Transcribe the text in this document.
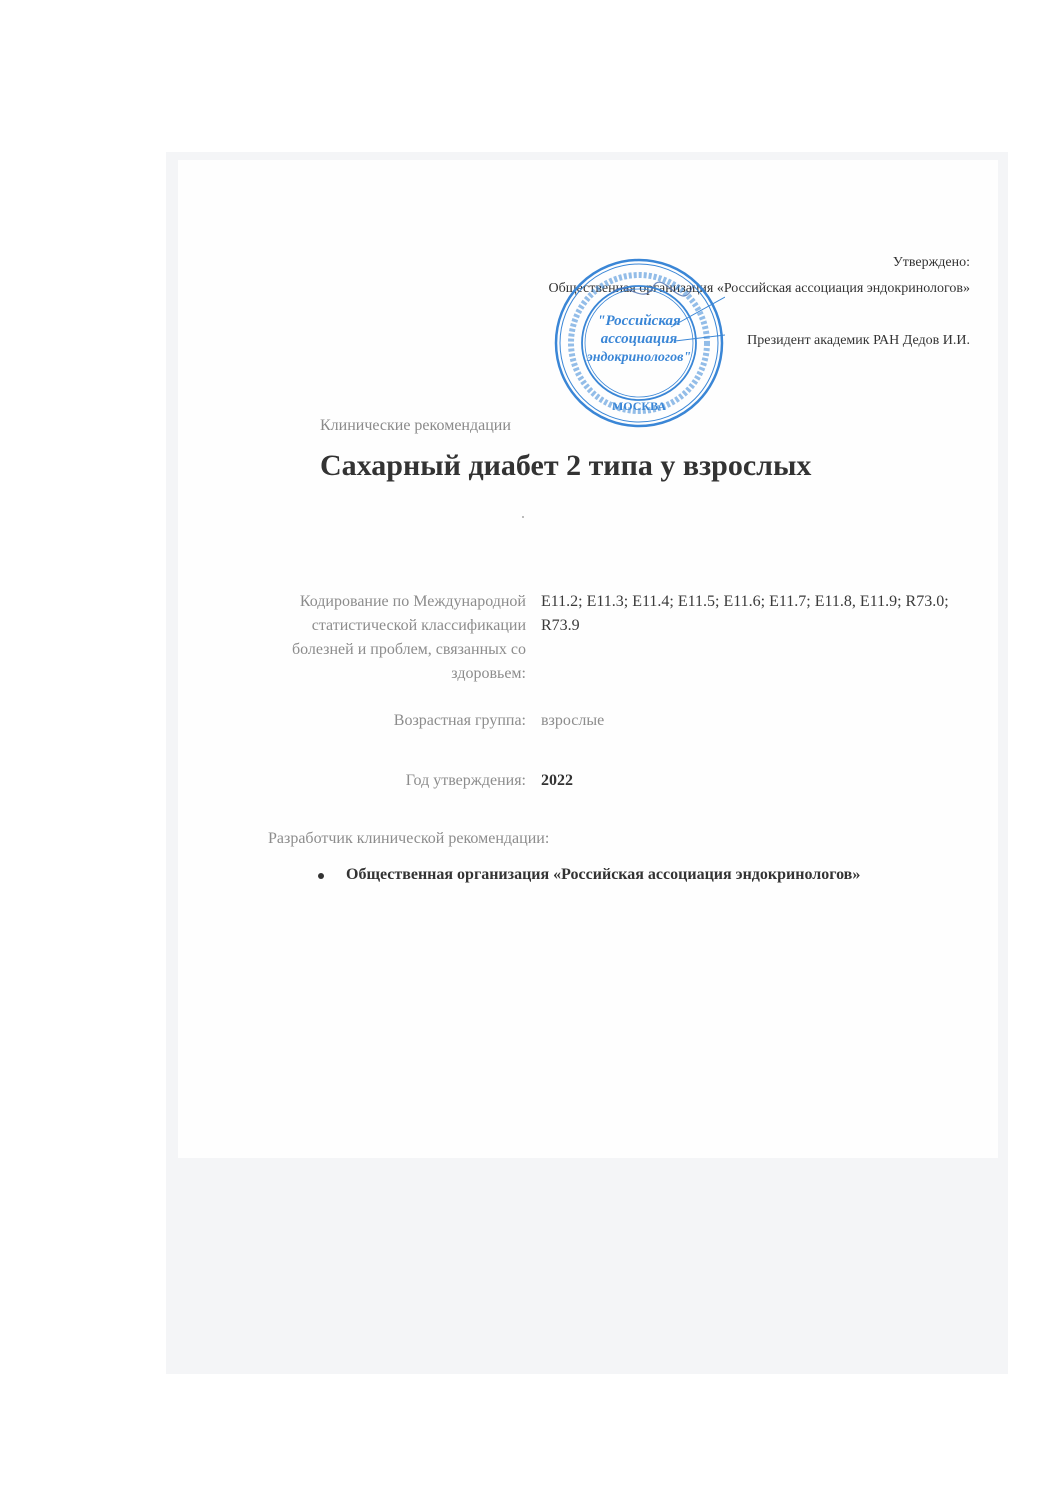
Утверждено:
Общественная организация «Российская ассоциация эндокринологов»
Президент академик РАН Дедов И.И.
"Российская
ассоциация
эндокринологов"
МОСКВА
Клинические рекомендации
Сахарный диабет 2 типа у взрослых
Кодирование по Международной статистической классификации болезней и проблем, связанных со здоровьем:
E11.2; E11.3; E11.4; E11.5; E11.6; E11.7; E11.8, E11.9; R73.0; R73.9
Возрастная группа: взрослые
Год утверждения: 2022
Разработчик клинической рекомендации:
Общественная организация «Российская ассоциация эндокринологов»
